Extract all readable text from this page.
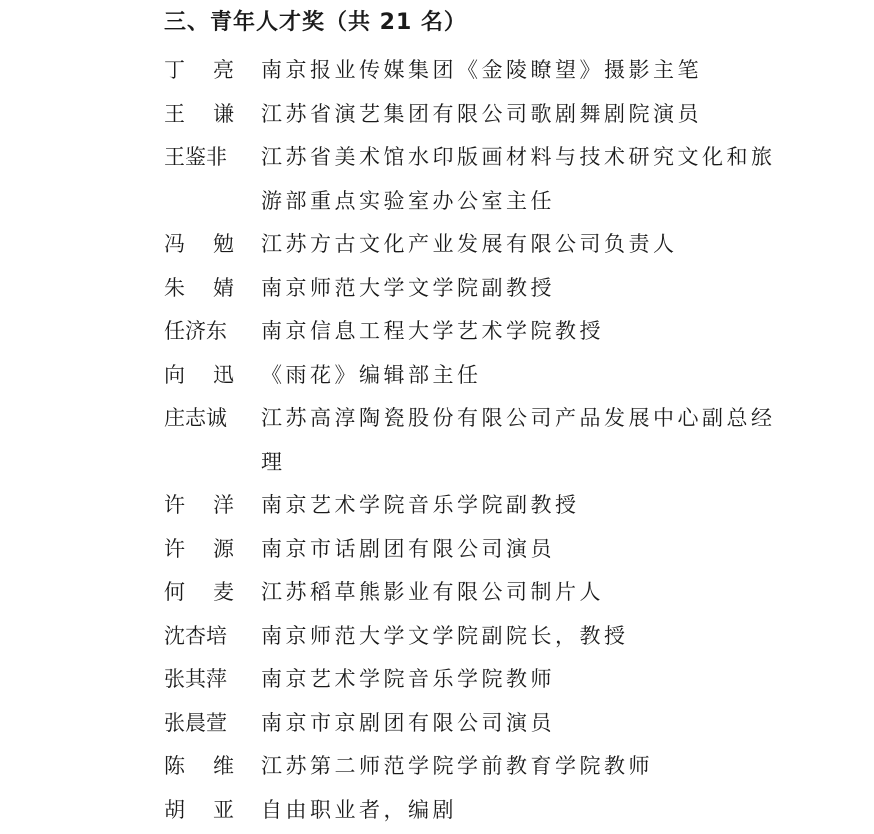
三、青年人才奖（共 21 名）
丁 亮 南京报业传媒集团《金陵瞭望》摄影主笔
王 谦 江苏省演艺集团有限公司歌剧舞剧院演员
王鉴非	江苏省美术馆水印版画材料与技术研究文化和旅游部重点实验室办公室主任
冯 勉 江苏方古文化产业发展有限公司负责人
朱 婧 南京师范大学文学院副教授
任济东	南京信息工程大学艺术学院教授
向 迅 《雨花》编辑部主任
庄志诚	江苏高淳陶瓷股份有限公司产品发展中心副总经理
许 洋 南京艺术学院音乐学院副教授
许 源 南京市话剧团有限公司演员
何 麦 江苏稻草熊影业有限公司制片人
沈杏培	南京师范大学文学院副院长，教授
张其萍	南京艺术学院音乐学院教师
张晨萱	南京市京剧团有限公司演员
陈 维 江苏第二师范学院学前教育学院教师
胡 亚 自由职业者，编剧
